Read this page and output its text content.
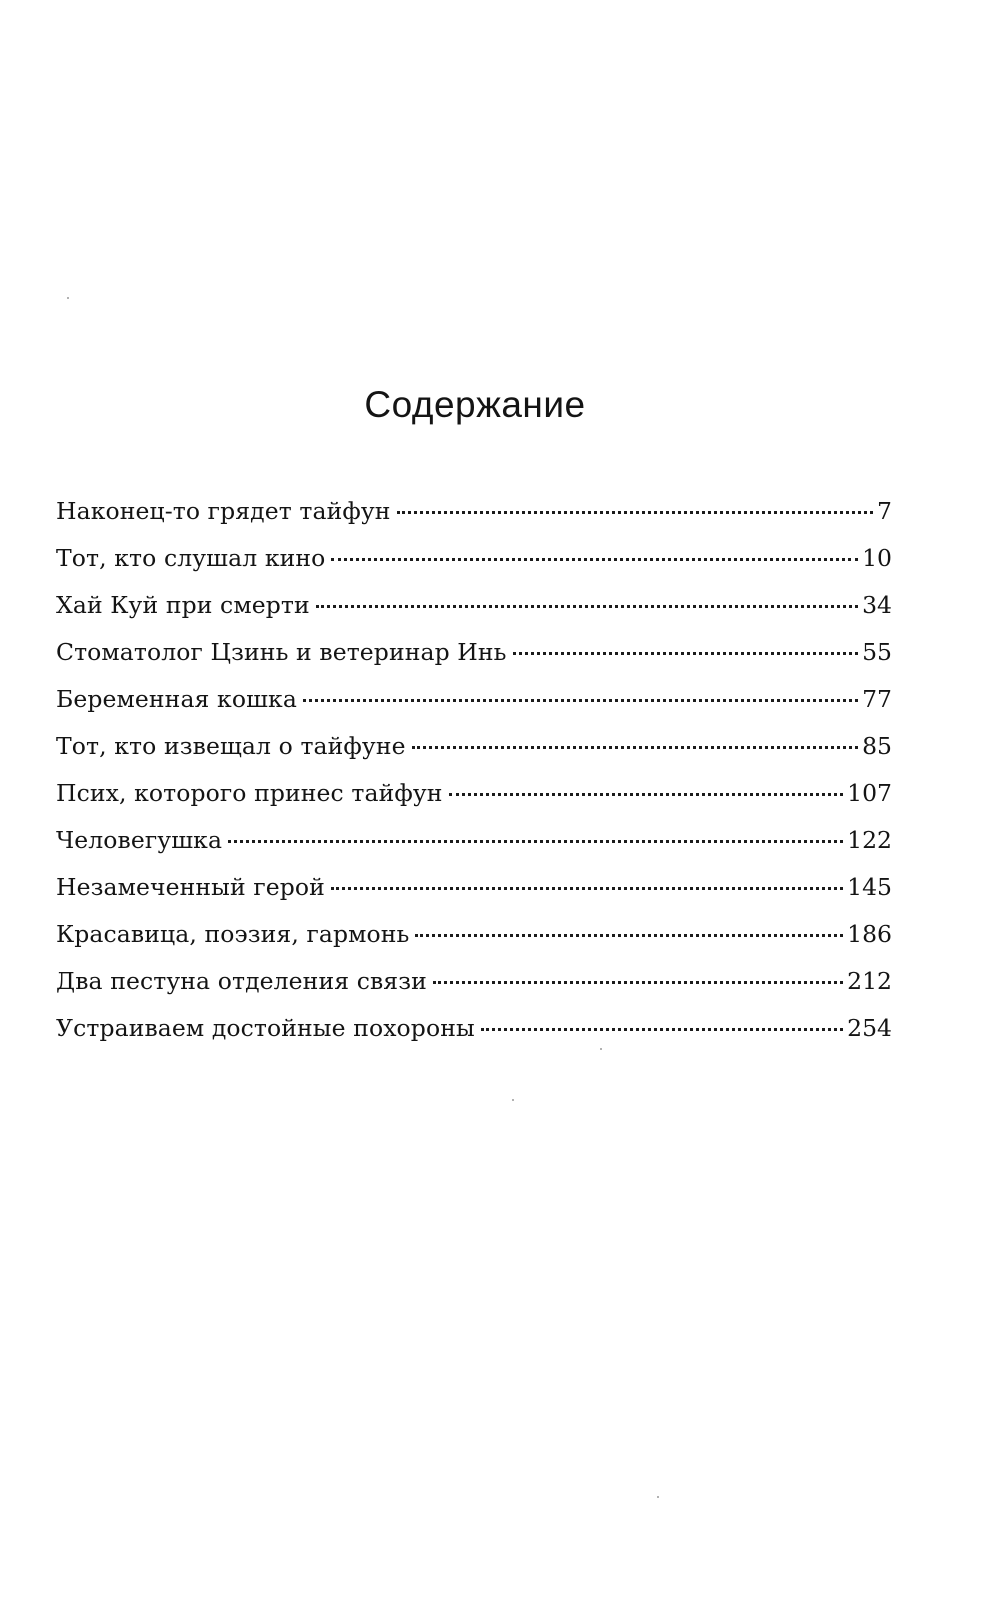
Содержание
Наконец-то грядет тайфун	7
Тот, кто слушал кино	10
Хай Куй при смерти	34
Стоматолог Цзинь и ветеринар Инь	55
Беременная кошка	77
Тот, кто извещал о тайфуне	85
Псих, которого принес тайфун	107
Человегушка	122
Незамеченный герой	145
Красавица, поэзия, гармонь	186
Два пестуна отделения связи	212
Устраиваем достойные похороны	254
